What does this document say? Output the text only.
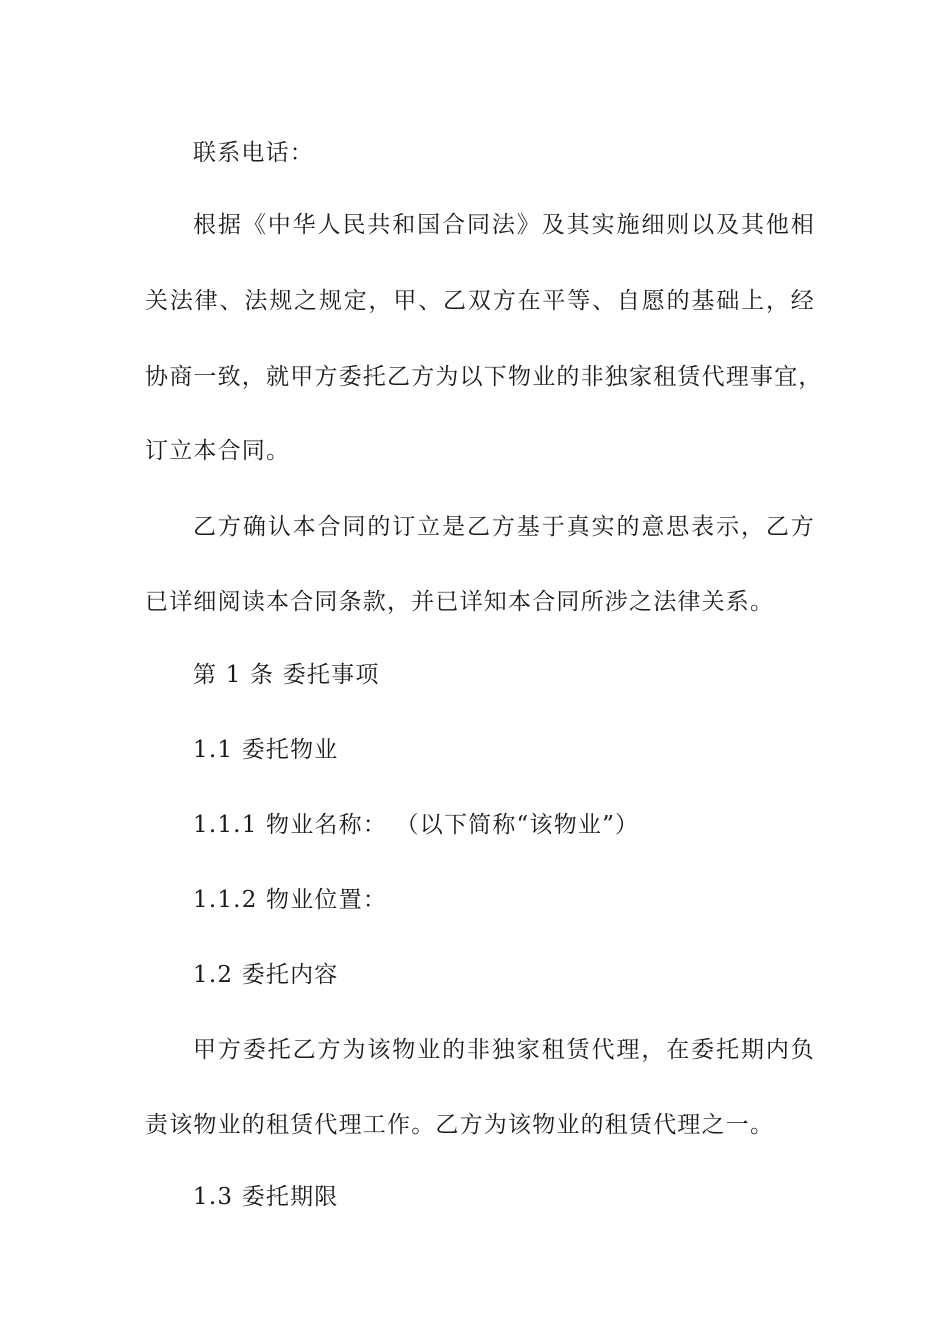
联系电话：
根据《中华人民共和国合同法》及其实施细则以及其他相
关法律、法规之规定，甲、乙双方在平等、自愿的基础上，经
协商一致，就甲方委托乙方为以下物业的非独家租赁代理事宜，
订立本合同。
乙方确认本合同的订立是乙方基于真实的意思表示，乙方
已详细阅读本合同条款，并已详知本合同所涉之法律关系。
第 1 条 委托事项
1.1 委托物业
1.1.1 物业名称： （以下简称“该物业”）
1.1.2 物业位置：
1.2 委托内容
甲方委托乙方为该物业的非独家租赁代理，在委托期内负
责该物业的租赁代理工作。乙方为该物业的租赁代理之一。
1.3 委托期限
